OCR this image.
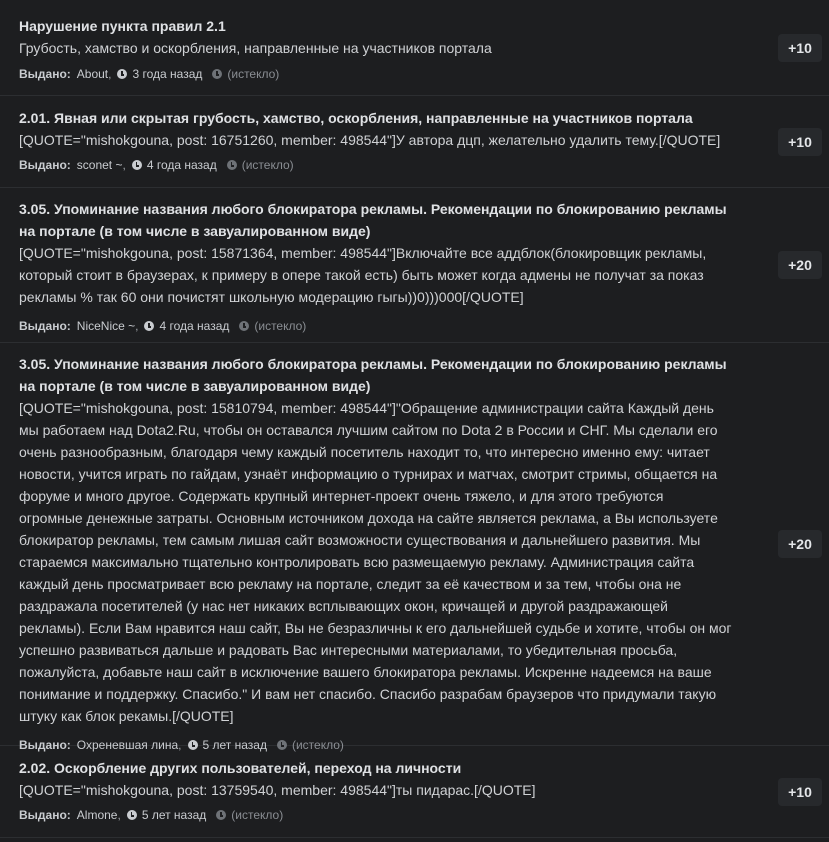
Нарушение пункта правил 2.1

Грубость, хамство и оскорбления, направленные на участников портала

Выдано: About , 3 года назад (истекло)
+10

2.01. Явная или скрытая грубость, хамство, оскорбления, направленные на участников портала

[QUOTE="mishokgouna, post: 16751260, member: 498544"]У автора дцп, желательно удалить тему.[/QUOTE]

Выдано: sconet ~ , 4 года назад (истекло)
+10

3.05. Упоминание названия любого блокиратора рекламы. Рекомендации по блокированию рекламы на портале (в том числе в завуалированном виде)

[QUOTE="mishokgouna, post: 15871364, member: 498544"]Включайте все аддблок(блокировщик рекламы,

который стоит в браузерах, к примеру в опере такой есть) быть может когда адмены не получат за показ

рекламы % так 60 они почистят школьную модерацию гыгы))0)))000[/QUOTE]

Выдано: NiceNice ~ , 4 года назад (истекло)
+20

3.05. Упоминание названия любого блокиратора рекламы. Рекомендации по блокированию рекламы на портале (в том числе в завуалированном виде)

[QUOTE="mishokgouna, post: 15810794, member: 498544"]"Обращение администрации сайта Каждый день

мы работаем над Dota2.Ru, чтобы он оставался лучшим сайтом по Dota 2 в России и СНГ. Мы сделали его

очень разнообразным, благодаря чему каждый посетитель находит то, что интересно именно ему: читает

новости, учится играть по гайдам, узнаёт информацию о турнирах и матчах, смотрит стримы, общается на

форуме и много другое. Содержать крупный интернет-проект очень тяжело, и для этого требуются

огромные денежные затраты. Основным источником дохода на сайте является реклама, а Вы используете

блокиратор рекламы, тем самым лишая сайт возможности существования и дальнейшего развития. Мы

стараемся максимально тщательно контролировать всю размещаемую рекламу. Администрация сайта

каждый день просматривает всю рекламу на портале, следит за её качеством и за тем, чтобы она не

раздражала посетителей (у нас нет никаких всплывающих окон, кричащей и другой раздражающей

рекламы). Если Вам нравится наш сайт, Вы не безразличны к его дальнейшей судьбе и хотите, чтобы он мог

успешно развиваться дальше и радовать Вас интересными материалами, то убедительная просьба,

пожалуйста, добавьте наш сайт в исключение вашего блокиратора рекламы. Искренне надеемся на ваше

понимание и поддержку. Спасибо." И вам нет спасибо. Спасибо разрабам браузеров что придумали такую

штуку как блок рекамы.[/QUOTE]

Выдано: Охреневшая лина , 5 лет назад (истекло)
+20

2.02. Оскорбление других пользователей, переход на личности

[QUOTE="mishokgouna, post: 13759540, member: 498544"]ты пидарас.[/QUOTE]

Выдано: Almone , 5 лет назад (истекло)
+10
